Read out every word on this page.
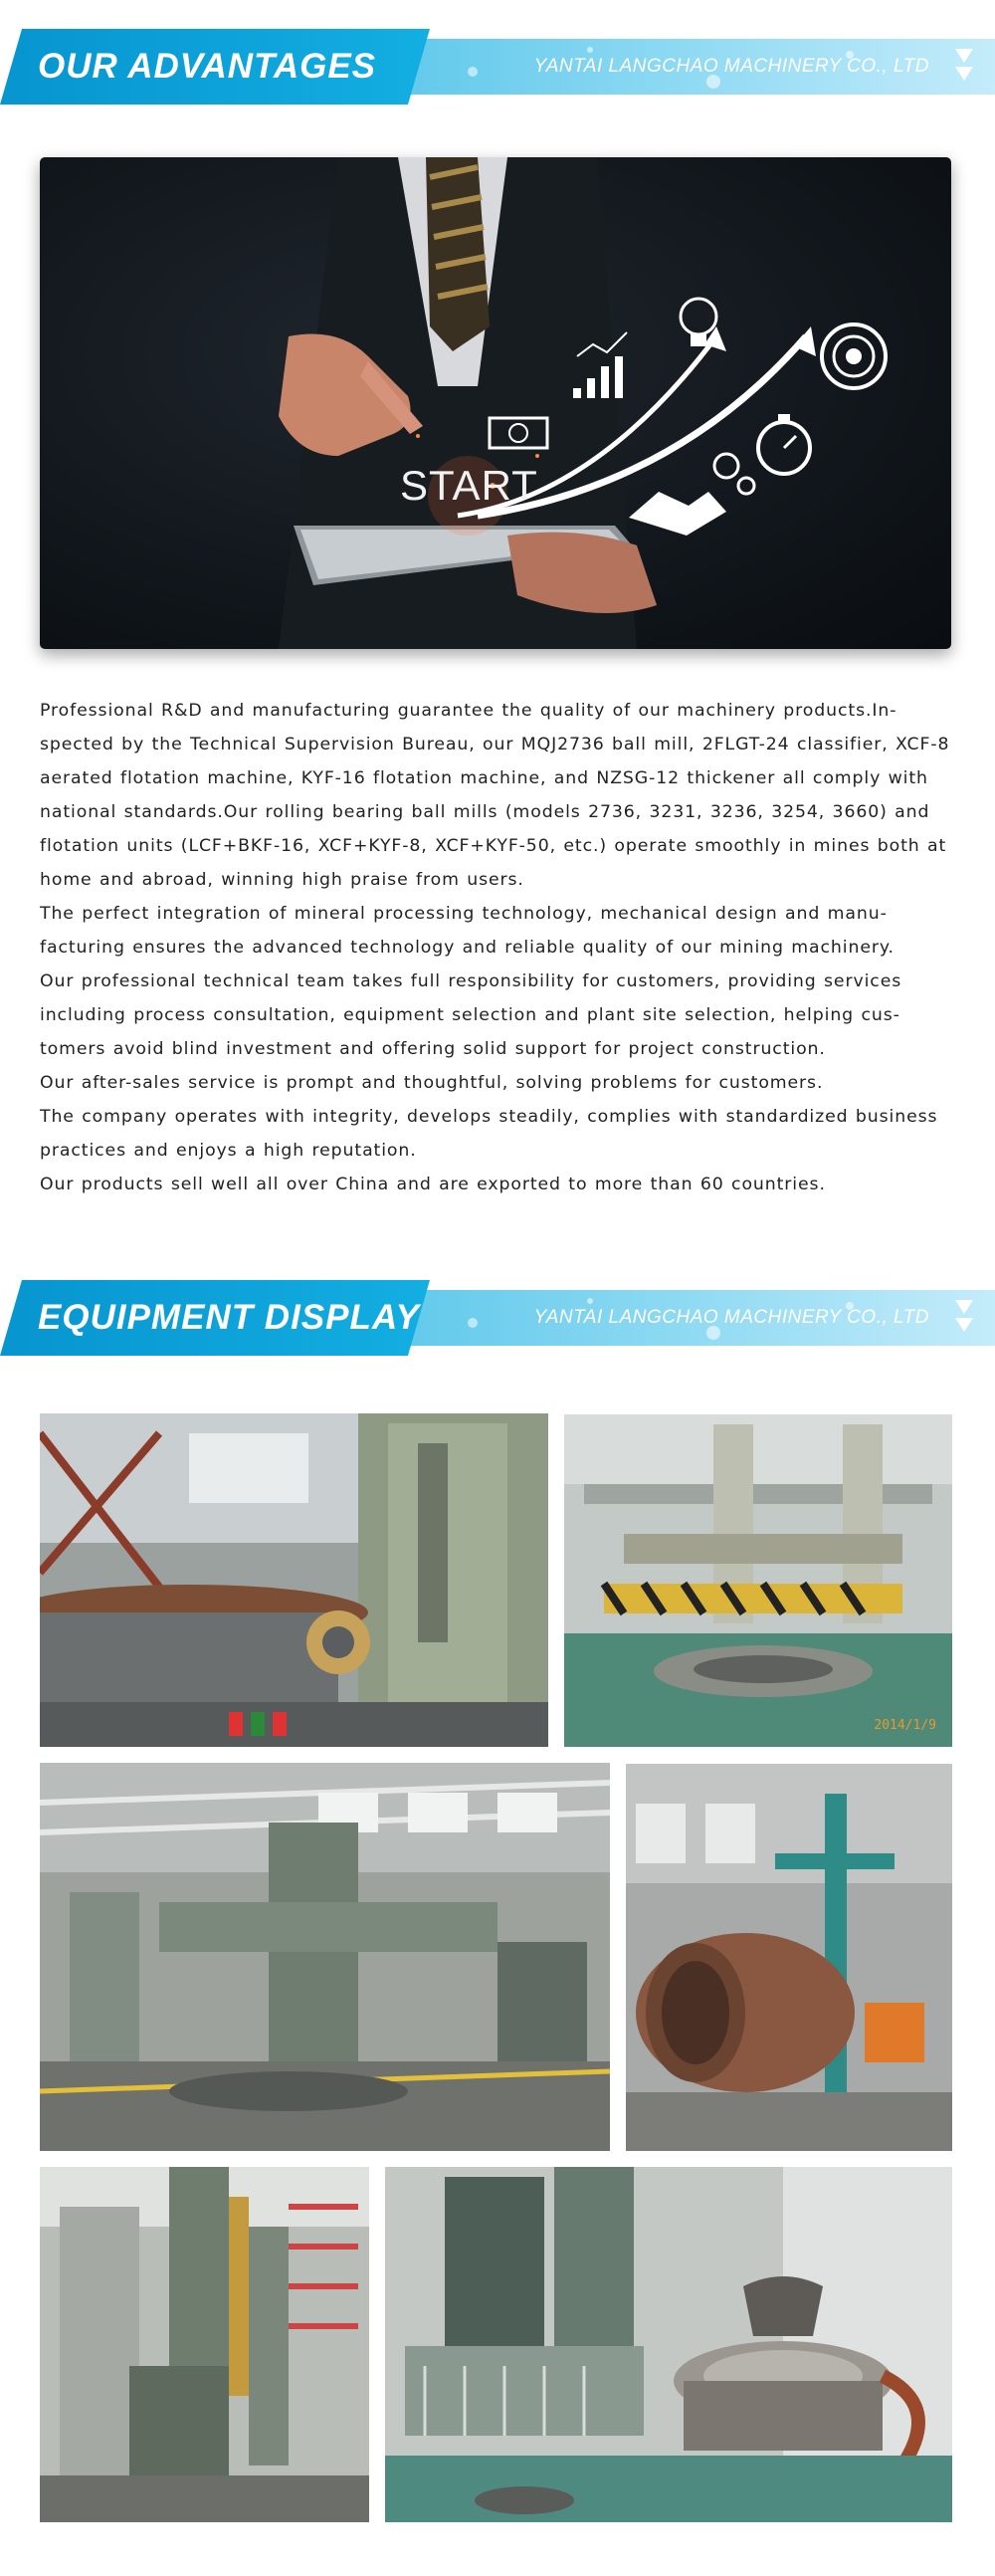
OUR ADVANTAGES	YANTAI LANGCHAO MACHINERY CO., LTD
START

Professional R&D and manufacturing guarantee the quality of our machinery products.Inspected by the Technical Supervision Bureau, our MQJ2736 ball mill, 2FLGT-24 classifier, XCF-8 aerated flotation machine, KYF-16 flotation machine, and NZSG-12 thickener all comply with national standards.Our rolling bearing ball mills (models 2736, 3231, 3236, 3254, 3660) and flotation units (LCF+BKF-16, XCF+KYF-8, XCF+KYF-50, etc.) operate smoothly in mines both at home and abroad, winning high praise from users.

The perfect integration of mineral processing technology, mechanical design and manufacturing ensures the advanced technology and reliable quality of our mining machinery.

Our professional technical team takes full responsibility for customers, providing services including process consultation, equipment selection and plant site selection, helping customers avoid blind investment and offering solid support for project construction.

Our after-sales service is prompt and thoughtful, solving problems for customers.

The company operates with integrity, develops steadily, complies with standardized business practices and enjoys a high reputation.

Our products sell well all over China and are exported to more than 60 countries.

EQUIPMENT DISPLAY	YANTAI LANGCHAO MACHINERY CO., LTD
2014/1/9
